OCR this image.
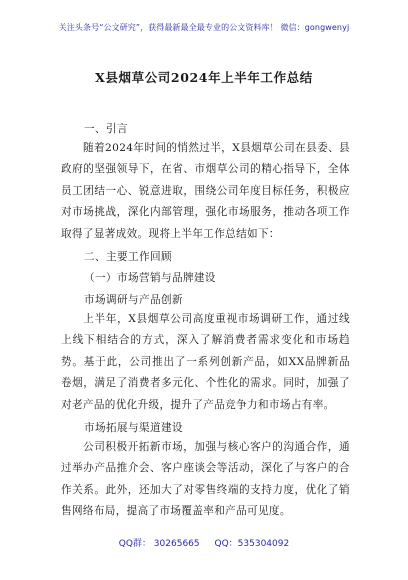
关注头条号“公文研究”，获得最新最全最专业的公文资料库！ 微信：gongwenyj
X县烟草公司2024年上半年工作总结
一、引言
随着2024年时间的悄然过半，X县烟草公司在县委、县政府的坚强领导下，在省、市烟草公司的精心指导下，全体员工团结一心、锐意进取，围绕公司年度目标任务，积极应对市场挑战，深化内部管理，强化市场服务，推动各项工作取得了显著成效。现将上半年工作总结如下：
二、主要工作回顾
（一）市场营销与品牌建设
市场调研与产品创新
上半年，X县烟草公司高度重视市场调研工作，通过线上线下相结合的方式，深入了解消费者需求变化和市场趋势。基于此，公司推出了一系列创新产品，如XX品牌新品卷烟，满足了消费者多元化、个性化的需求。同时，加强了对老产品的优化升级，提升了产品竞争力和市场占有率。
市场拓展与渠道建设
公司积极开拓新市场，加强与核心客户的沟通合作，通过举办产品推介会、客户座谈会等活动，深化了与客户的合作关系。此外，还加大了对零售终端的支持力度，优化了销售网络布局，提高了市场覆盖率和产品可见度。
QQ群： 30265665 QQ：535304092
